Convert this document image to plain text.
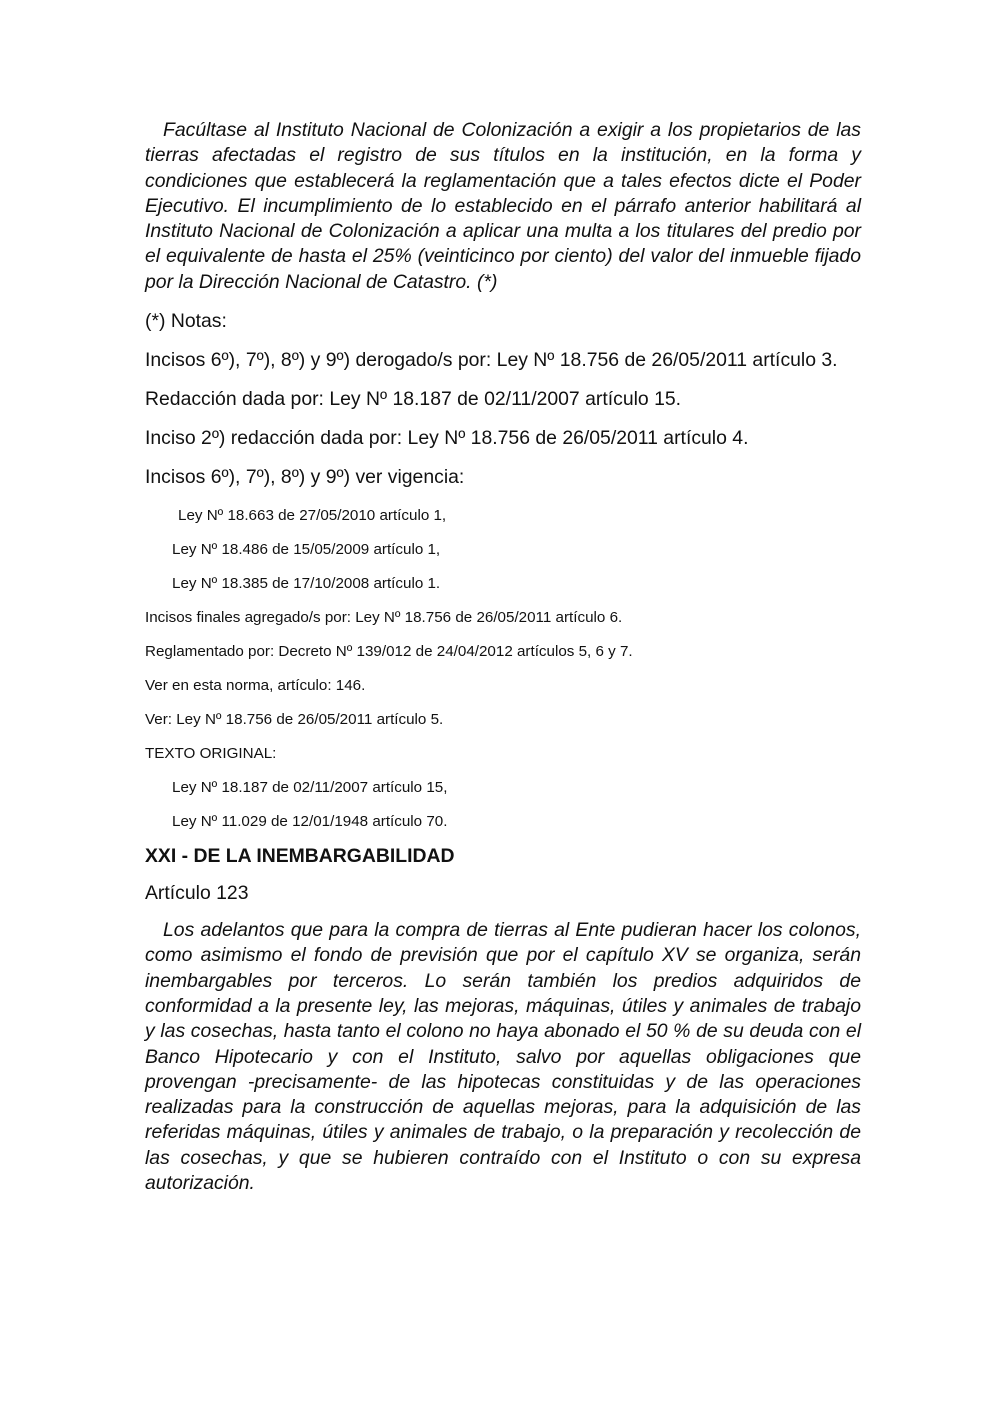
Facúltase al Instituto Nacional de Colonización a exigir a los propietarios de las tierras afectadas el registro de sus títulos en la institución, en la forma y condiciones que establecerá la reglamentación que a tales efectos dicte el Poder Ejecutivo. El incumplimiento de lo establecido en el párrafo anterior habilitará al Instituto Nacional de Colonización a aplicar una multa a los titulares del predio por el equivalente de hasta el 25% (veinticinco por ciento) del valor del inmueble fijado por la Dirección Nacional de Catastro. (*)

(*) Notas:

Incisos 6º), 7º), 8º) y 9º) derogado/s por: Ley Nº 18.756 de 26/05/2011 artículo 3.

Redacción dada por: Ley Nº 18.187 de 02/11/2007 artículo 15.

Inciso 2º) redacción dada por: Ley Nº 18.756 de 26/05/2011 artículo 4.

Incisos 6º), 7º), 8º) y 9º) ver vigencia:

Ley Nº 18.663 de 27/05/2010 artículo 1,

Ley Nº 18.486 de 15/05/2009 artículo 1,

Ley Nº 18.385 de 17/10/2008 artículo 1.

Incisos finales agregado/s por: Ley Nº 18.756 de 26/05/2011 artículo 6.

Reglamentado por: Decreto Nº 139/012 de 24/04/2012 artículos 5, 6 y 7.

Ver en esta norma, artículo: 146.

Ver: Ley Nº 18.756 de 26/05/2011 artículo 5.

TEXTO ORIGINAL:

Ley Nº 18.187 de 02/11/2007 artículo 15,

Ley Nº 11.029 de 12/01/1948 artículo 70.

XXI - DE LA INEMBARGABILIDAD

Artículo 123

Los adelantos que para la compra de tierras al Ente pudieran hacer los colonos, como asimismo el fondo de previsión que por el capítulo XV se organiza, serán inembargables por terceros. Lo serán también los predios adquiridos de conformidad a la presente ley, las mejoras, máquinas, útiles y animales de trabajo y las cosechas, hasta tanto el colono no haya abonado el 50 % de su deuda con el Banco Hipotecario y con el Instituto, salvo por aquellas obligaciones que provengan -precisamente- de las hipotecas constituidas y de las operaciones realizadas para la construcción de aquellas mejoras, para la adquisición de las referidas máquinas, útiles y animales de trabajo, o la preparación y recolección de las cosechas, y que se hubieren contraído con el Instituto o con su expresa autorización.
